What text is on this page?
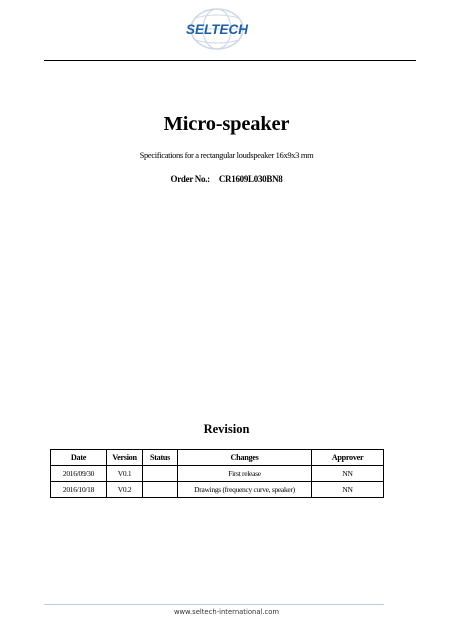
SELTECH
Micro-speaker
Specifications for a rectangular loudspeaker 16x9x3 mm
Order No.: CR1609L030BN8
Revision
Date	Version	Status	Changes	Approver
2016/09/30	V0.1		First release	NN
2016/10/18	V0.2		Drawings (frequency curve, speaker)	NN
www.seltech-international.com
